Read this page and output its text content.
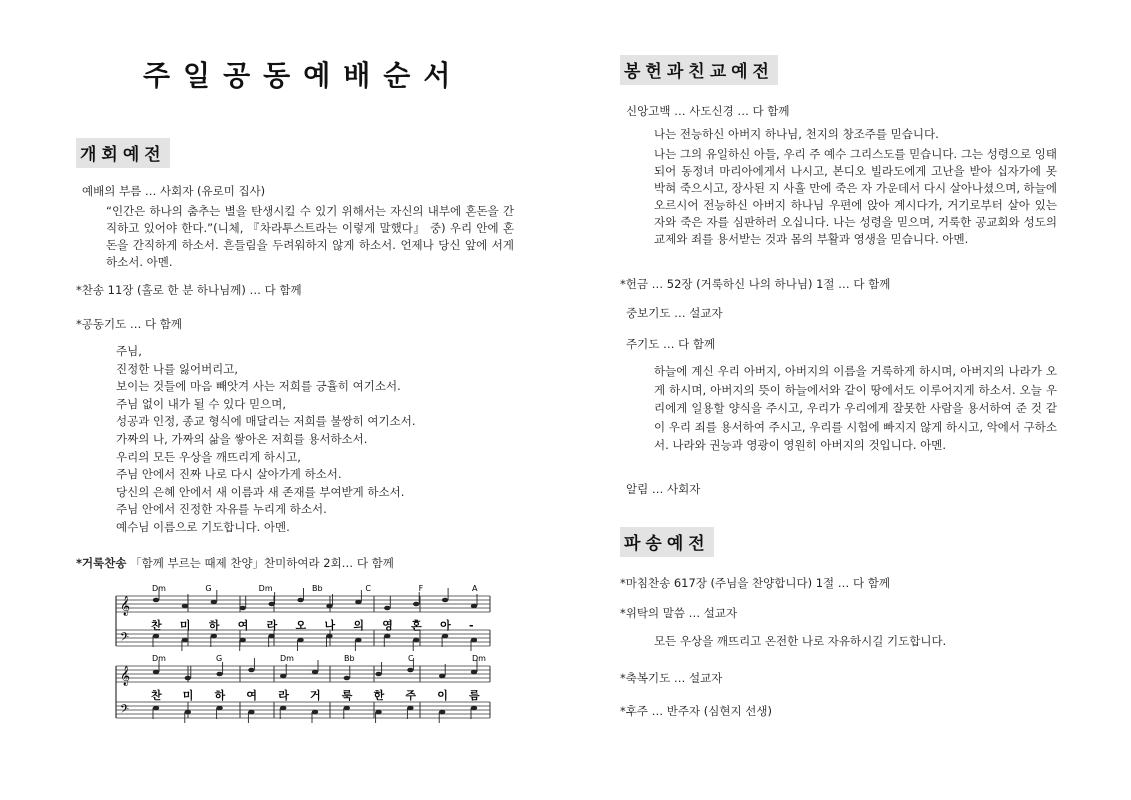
주일공동예배순서
개회예전
예배의 부름 … 사회자 (유로미 집사)
“인간은 하나의 춤추는 별을 탄생시킬 수 있기 위해서는 자신의 내부에 혼돈을 간직하고 있어야 한다.”(니체, 『차라투스트라는 이렇게 말했다』 중) 우리 안에 혼돈을 간직하게 하소서. 흔들림을 두려워하지 않게 하소서. 언제나 당신 앞에 서게 하소서. 아멘.
*찬송 11장 (홀로 한 분 하나님께) … 다 함께
*공동기도 … 다 함께
주님,
진정한 나를 잃어버리고,
보이는 것들에 마음 빼앗겨 사는 저희를 긍휼히 여기소서.
주님 없이 내가 될 수 있다 믿으며,
성공과 인정, 종교 형식에 매달리는 저희를 불쌍히 여기소서.
가짜의 나, 가짜의 삶을 쌓아온 저희를 용서하소서.
우리의 모든 우상을 깨뜨리게 하시고,
주님 안에서 진짜 나로 다시 살아가게 하소서.
당신의 은혜 안에서 새 이름과 새 존재를 부여받게 하소서.
주님 안에서 진정한 자유를 누리게 하소서.
예수님 이름으로 기도합니다. 아멘.
*거룩찬송 「함께 부르는 때제 찬양」찬미하여라 2회… 다 함께
𝄞
𝄢
𝄞
𝄢
Dm	G	Dm	Bb	C	F	A
Dm	G	Dm	Bb	C	Dm
찬 미 하 여 라 오 나 의 영 혼 아 -
찬 미 하 여 라 거 룩 한 주 이 름
봉헌과친교예전
신앙고백 … 사도신경 … 다 함께
나는 전능하신 아버지 하나님, 천지의 창조주를 믿습니다.
나는 그의 유일하신 아들, 우리 주 예수 그리스도를 믿습니다. 그는 성령으로 잉태되어 동정녀 마리아에게서 나시고, 본디오 빌라도에게 고난을 받아 십자가에 못 박혀 죽으시고, 장사된 지 사흘 만에 죽은 자 가운데서 다시 살아나셨으며, 하늘에 오르시어 전능하신 아버지 하나님 우편에 앉아 계시다가, 거기로부터 살아 있는 자와 죽은 자를 심판하러 오십니다. 나는 성령을 믿으며, 거룩한 공교회와 성도의 교제와 죄를 용서받는 것과 몸의 부활과 영생을 믿습니다. 아멘.
*헌금 … 52장 (거룩하신 나의 하나님) 1절 … 다 함께
중보기도 … 설교자
주기도 … 다 함께
하늘에 계신 우리 아버지, 아버지의 이름을 거룩하게 하시며, 아버지의 나라가 오게 하시며, 아버지의 뜻이 하늘에서와 같이 땅에서도 이루어지게 하소서. 오늘 우리에게 일용할 양식을 주시고, 우리가 우리에게 잘못한 사람을 용서하여 준 것 같이 우리 죄를 용서하여 주시고, 우리를 시험에 빠지지 않게 하시고, 악에서 구하소서. 나라와 권능과 영광이 영원히 아버지의 것입니다. 아멘.
알림 … 사회자
파송예전
*마침찬송 617장 (주님을 찬양합니다) 1절 … 다 함께
*위탁의 말씀 … 설교자
모든 우상을 깨뜨리고 온전한 나로 자유하시길 기도합니다.
*축복기도 … 설교자
*후주 … 반주자 (심현지 선생)
